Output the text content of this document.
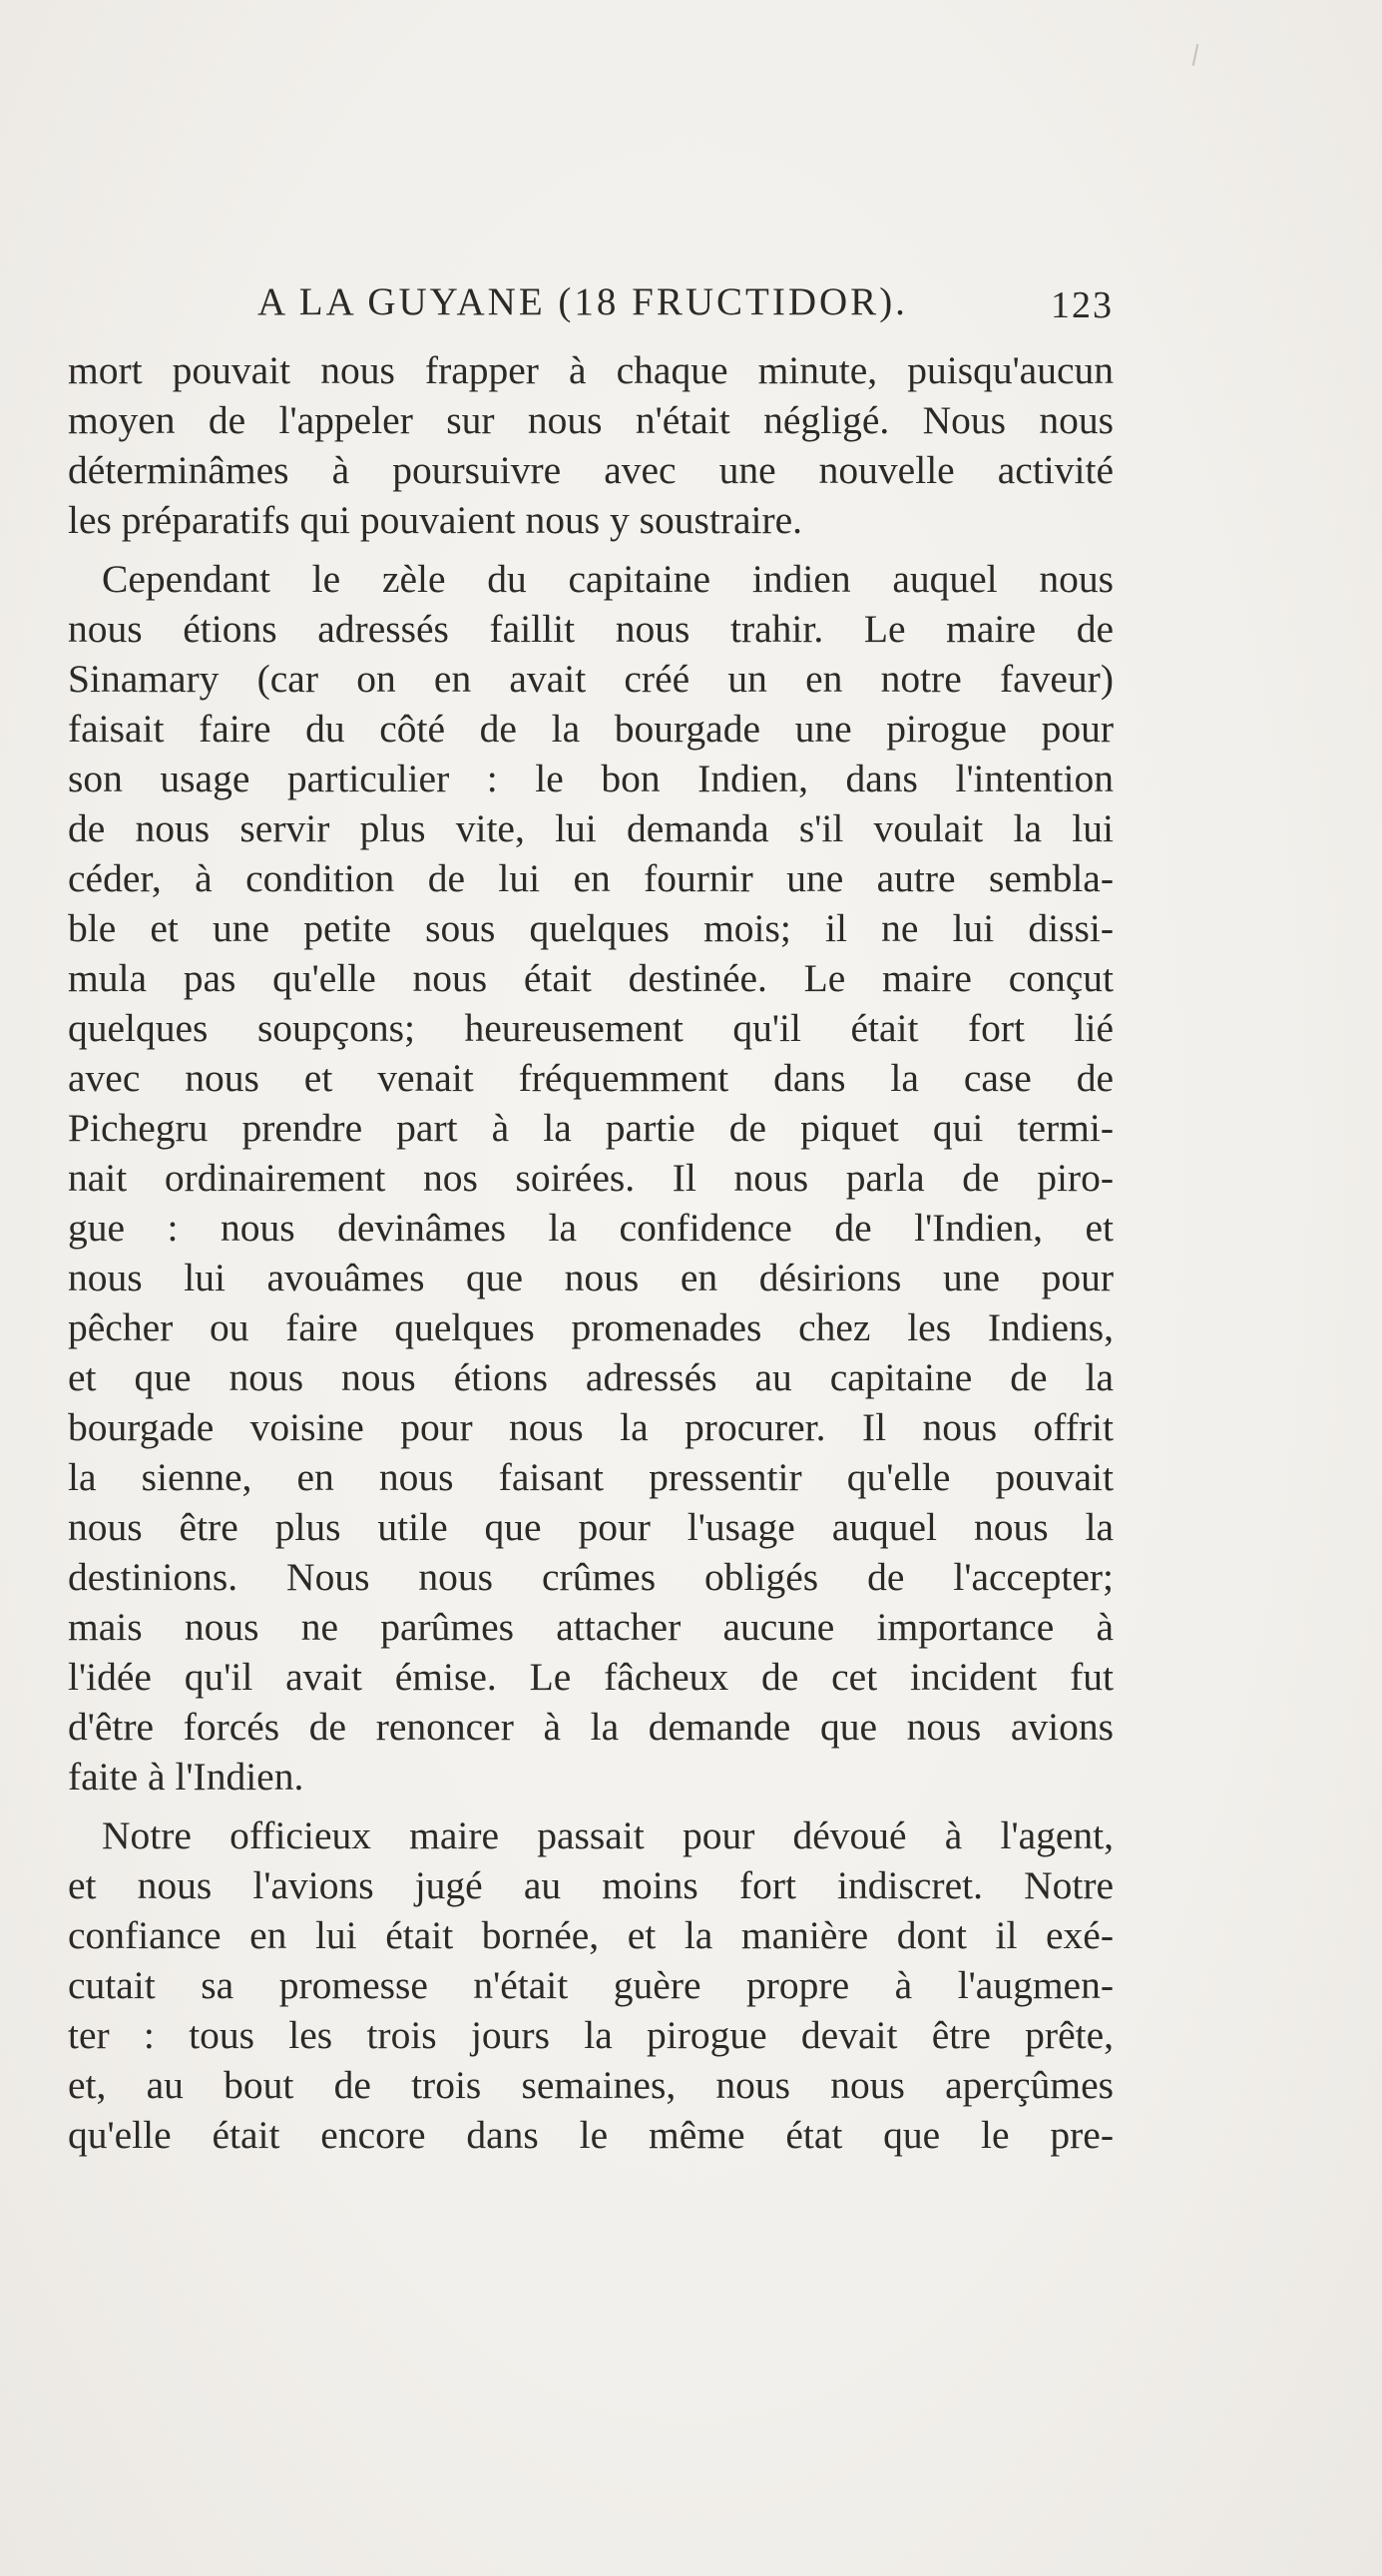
A LA GUYANE (18 FRUCTIDOR).	123
mort pouvait nous frapper à chaque minute, puisqu'aucun
moyen de l'appeler sur nous n'était négligé. Nous nous
déterminâmes à poursuivre avec une nouvelle activité
les préparatifs qui pouvaient nous y soustraire.
Cependant le zèle du capitaine indien auquel nous
nous étions adressés faillit nous trahir. Le maire de
Sinamary (car on en avait créé un en notre faveur)
faisait faire du côté de la bourgade une pirogue pour
son usage particulier : le bon Indien, dans l'intention
de nous servir plus vite, lui demanda s'il voulait la lui
céder, à condition de lui en fournir une autre sembla-
ble et une petite sous quelques mois; il ne lui dissi-
mula pas qu'elle nous était destinée. Le maire conçut
quelques soupçons; heureusement qu'il était fort lié
avec nous et venait fréquemment dans la case de
Pichegru prendre part à la partie de piquet qui termi-
nait ordinairement nos soirées. Il nous parla de piro-
gue : nous devinâmes la confidence de l'Indien, et
nous lui avouâmes que nous en désirions une pour
pêcher ou faire quelques promenades chez les Indiens,
et que nous nous étions adressés au capitaine de la
bourgade voisine pour nous la procurer. Il nous offrit
la sienne, en nous faisant pressentir qu'elle pouvait
nous être plus utile que pour l'usage auquel nous la
destinions. Nous nous crûmes obligés de l'accepter;
mais nous ne parûmes attacher aucune importance à
l'idée qu'il avait émise. Le fâcheux de cet incident fut
d'être forcés de renoncer à la demande que nous avions
faite à l'Indien.
Notre officieux maire passait pour dévoué à l'agent,
et nous l'avions jugé au moins fort indiscret. Notre
confiance en lui était bornée, et la manière dont il exé-
cutait sa promesse n'était guère propre à l'augmen-
ter : tous les trois jours la pirogue devait être prête,
et, au bout de trois semaines, nous nous aperçûmes
qu'elle était encore dans le même état que le pre-
